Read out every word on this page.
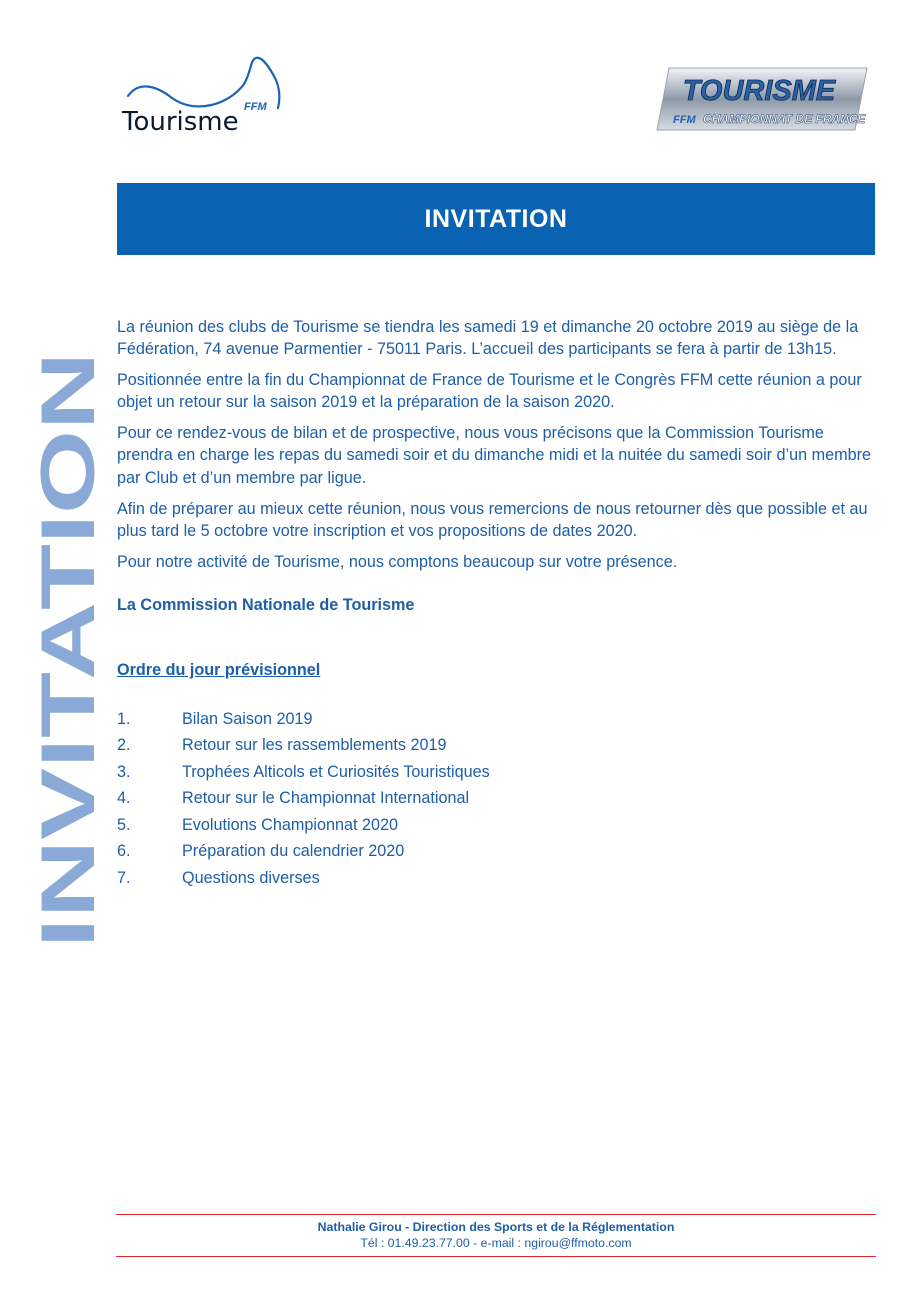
FFM
Tourisme
TOURISME
FFM CHAMPIONNAT DE FRANCE
INVITATION
INVITATION

La réunion des clubs de Tourisme se tiendra les samedi 19 et dimanche 20 octobre 2019 au siège de la Fédération, 74 avenue Parmentier - 75011 Paris. L’accueil des participants se fera à partir de 13h15.

Positionnée entre la fin du Championnat de France de Tourisme et le Congrès FFM cette réunion a pour objet un retour sur la saison 2019 et la préparation de la saison 2020.

Pour ce rendez-vous de bilan et de prospective, nous vous précisons que la Commission Tourisme prendra en charge les repas du samedi soir et du dimanche midi et la nuitée du samedi soir d’un membre par Club et d’un membre par ligue.

Afin de préparer au mieux cette réunion, nous vous remercions de nous retourner dès que possible et au plus tard le 5 octobre votre inscription et vos propositions de dates 2020.

Pour notre activité de Tourisme, nous comptons beaucoup sur votre présence.

La Commission Nationale de Tourisme

Ordre du jour prévisionnel

1.	Bilan Saison 2019
2.	Retour sur les rassemblements 2019
3.	Trophées Alticols et Curiosités Touristiques
4.	Retour sur le Championnat International
5.	Evolutions Championnat 2020
6.	Préparation du calendrier 2020
7.	Questions diverses
Nathalie Girou - Direction des Sports et de la Réglementation
Tél : 01.49.23.77.00 - e-mail : ngirou@ffmoto.com
